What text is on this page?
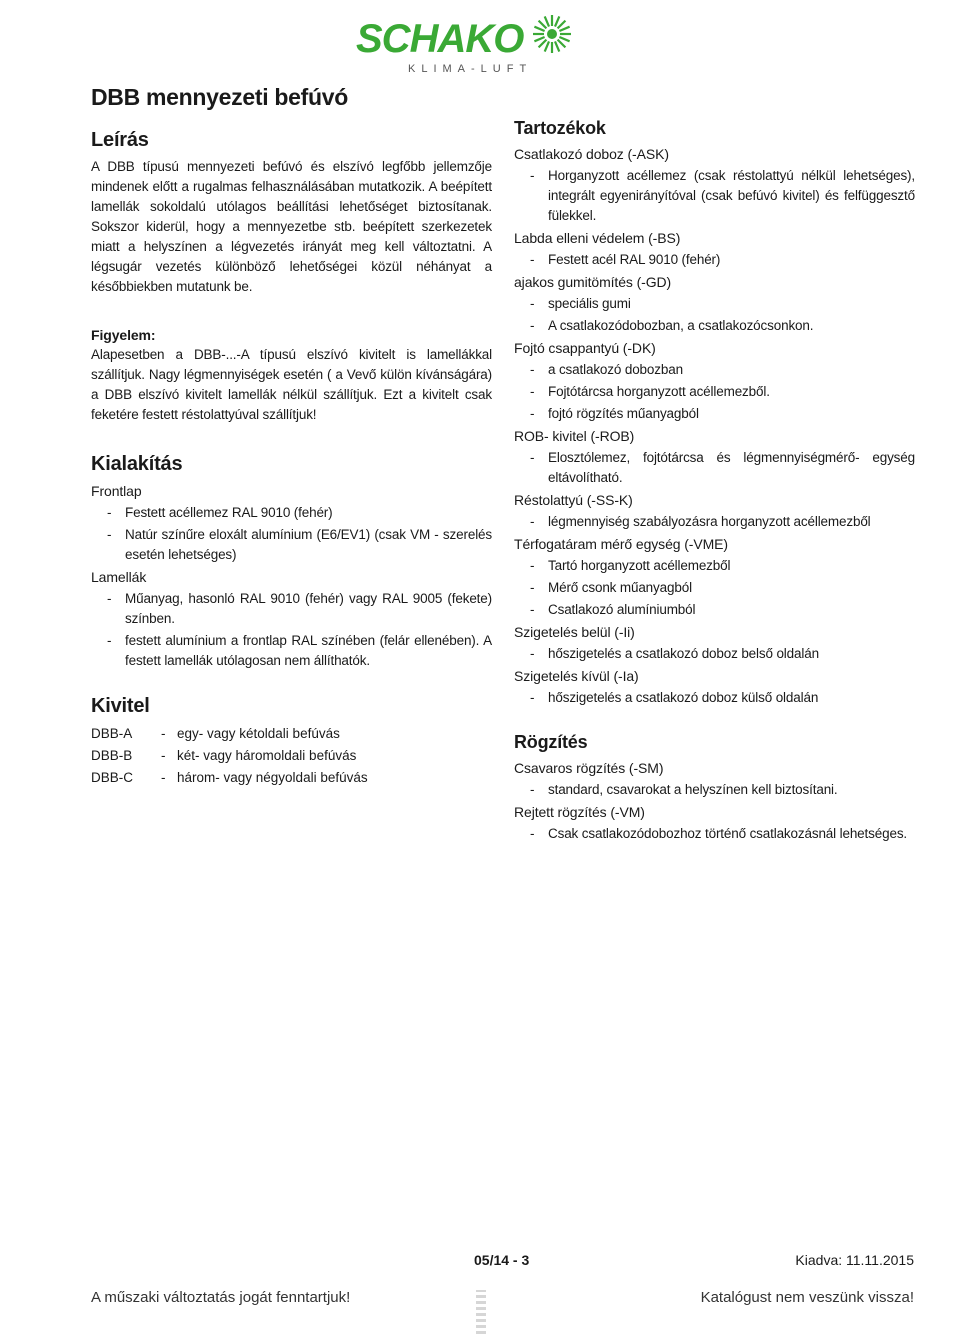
SCHAKO
KLIMA-LUFT
DBB mennyezeti befúvó
Leírás

A DBB típusú mennyezeti befúvó és elszívó legfőbb jellemzője mindenek előtt a rugalmas felhasználásában mutatkozik. A beépített lamellák sokoldalú utólagos beállítási lehetőséget biztosítanak. Sokszor kiderül, hogy a mennyezetbe stb. beépített szerkezetek miatt a helyszínen a légvezetés irányát meg kell változtatni. A légsugár vezetés különböző lehetőségei közül néhányat a későbbiekben mutatunk be.

Figyelem:

Alapesetben a DBB-...-A típusú elszívó kivitelt is lamellákkal szállítjuk. Nagy légmennyiségek esetén ( a Vevő külön kívánságára) a DBB elszívó kivitelt lamellák nélkül szállítjuk. Ezt a kivitelt csak feketére festett réstolattyúval szállítjuk!

Kialakítás

Frontlap

- Festett acéllemez RAL 9010 (fehér)
- Natúr színűre eloxált alumínium (E6/EV1) (csak VM - szerelés esetén lehetséges)

Lamellák

- Műanyag, hasonló RAL 9010 (fehér) vagy RAL 9005 (fekete) színben.
- festett alumínium a frontlap RAL színében (felár ellenében). A festett lamellák utólagosan nem állíthatók.
Kivitel
DBB-A	- egy- vagy kétoldali befúvás
DBB-B	- két- vagy háromoldali befúvás
DBB-C	- három- vagy négyoldali befúvás
Tartozékok

Csatlakozó doboz (-ASK)

- Horganyzott acéllemez (csak réstolattyú nélkül lehetséges), integrált egyenirányítóval (csak befúvó kivitel) és felfüggesztő fülekkel.

Labda elleni védelem (-BS)

- Festett acél RAL 9010 (fehér)

ajakos gumitömítés (-GD)

- speciális gumi
- A csatlakozódobozban, a csatlakozócsonkon.

Fojtó csappantyú (-DK)

- a csatlakozó dobozban
- Fojtótárcsa horganyzott acéllemezből.
- fojtó rögzítés műanyagból

ROB- kivitel (-ROB)

- Elosztólemez, fojtótárcsa és légmennyiségmérő- egység eltávolítható.

Réstolattyú (-SS-K)

- légmennyiség szabályozásra horganyzott acéllemezből

Térfogatáram mérő egység (-VME)

- Tartó horganyzott acéllemezből
- Mérő csonk műanyagból
- Csatlakozó alumíniumból

Szigetelés belül (-Ii)

- hőszigetelés a csatlakozó doboz belső oldalán

Szigetelés kívül (-Ia)

- hőszigetelés a csatlakozó doboz külső oldalán
Rögzítés

Csavaros rögzítés (-SM)

- standard, csavarokat a helyszínen kell biztosítani.

Rejtett rögzítés (-VM)

- Csak csatlakozódobozhoz történő csatlakozásnál lehetséges.
05/14 - 3	Kiadva: 11.11.2015
A műszaki változtatás jogát fenntartjuk!	Katalógust nem veszünk vissza!
